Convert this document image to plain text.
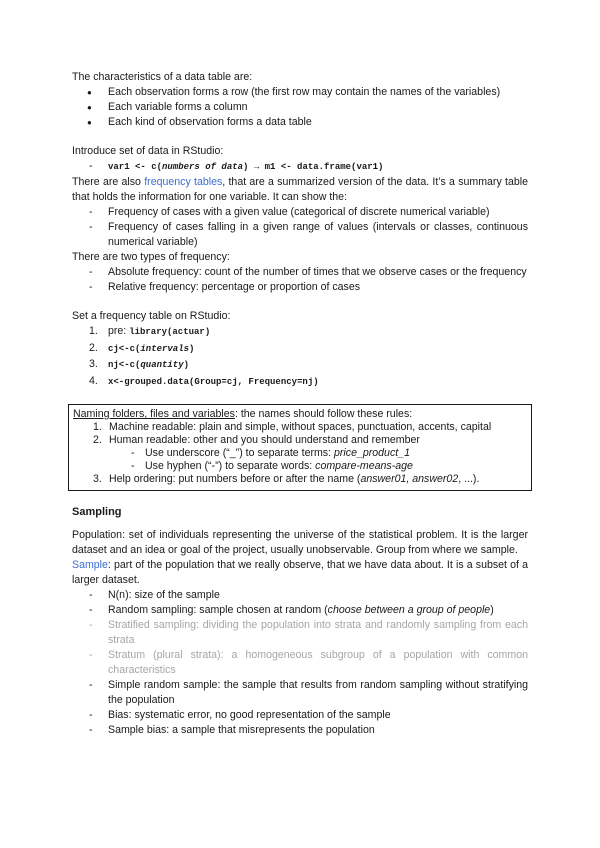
The characteristics of a data table are:

● Each observation forms a row (the first row may contain the names of the variables)
● Each variable forms a column
● Each kind of observation forms a data table

Introduce set of data in RStudio:

- var1 <- c(numbers of data) → m1 <- data.frame(var1)

There are also frequency tables, that are a summarized version of the data. It’s a summary table that holds the information for one variable. It can show the:

- Frequency of cases with a given value (categorical of discrete numerical variable)
- Frequency of cases falling in a given range of values (intervals or classes, continuous numerical variable)

There are two types of frequency:

- Absolute frequency: count of the number of times that we observe cases or the frequency
- Relative frequency: percentage or proportion of cases

Set a frequency table on RStudio:

1. pre: library(actuar)
2. cj<-c(intervals)
3. nj<-c(quantity)
4. x<-grouped.data(Group=cj, Frequency=nj)

Naming folders, files and variables: the names should follow these rules:

1. Machine readable: plain and simple, without spaces, punctuation, accents, capital
2. Human readable: other and you should understand and remember
- Use underscore (“_”) to separate terms: price_product_1
- Use hyphen (“-”) to separate words: compare-means-age
3. Help ordering: put numbers before or after the name (answer01, answer02, ...).
Sampling

Population: set of individuals representing the universe of the statistical problem. It is the larger dataset and an idea or goal of the project, usually unobservable. Group from where we sample.

Sample: part of the population that we really observe, that we have data about. It is a subset of a larger dataset.

- N(n): size of the sample
- Random sampling: sample chosen at random (choose between a group of people)
- Stratified sampling: dividing the population into strata and randomly sampling from each strata
- Stratum (plural strata): a homogeneous subgroup of a population with common characteristics
- Simple random sample: the sample that results from random sampling without stratifying the population
- Bias: systematic error, no good representation of the sample
- Sample bias: a sample that misrepresents the population
